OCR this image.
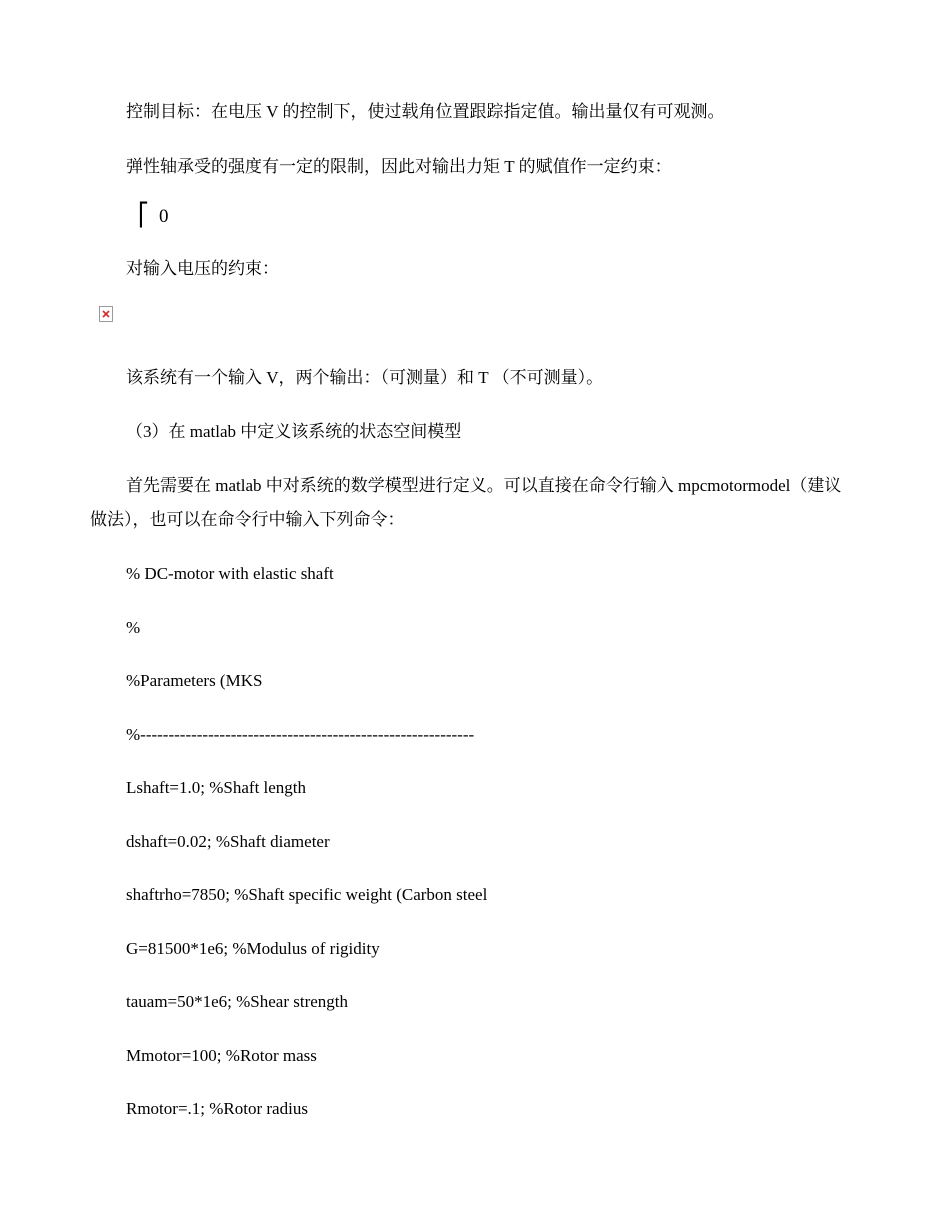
控制目标：在电压 V 的控制下，使过载角位置跟踪指定值。输出量仅有可观测。
弹性轴承受的强度有一定的限制，因此对输出力矩 T 的赋值作一定约束：
⎡ 0
对输入电压的约束：
该系统有一个输入 V，两个输出：（可测量）和 T （不可测量）。
（3）在 matlab 中定义该系统的状态空间模型
首先需要在 matlab 中对系统的数学模型进行定义。可以直接在命令行输入 mpcmotormodel（建议做法），也可以在命令行中输入下列命令：
% DC-motor with elastic shaft
%
%Parameters (MKS
%-----------------------------------------------------------
Lshaft=1.0; %Shaft length
dshaft=0.02; %Shaft diameter
shaftrho=7850; %Shaft specific weight (Carbon steel
G=81500*1e6; %Modulus of rigidity
tauam=50*1e6; %Shear strength
Mmotor=100; %Rotor mass
Rmotor=.1; %Rotor radius
